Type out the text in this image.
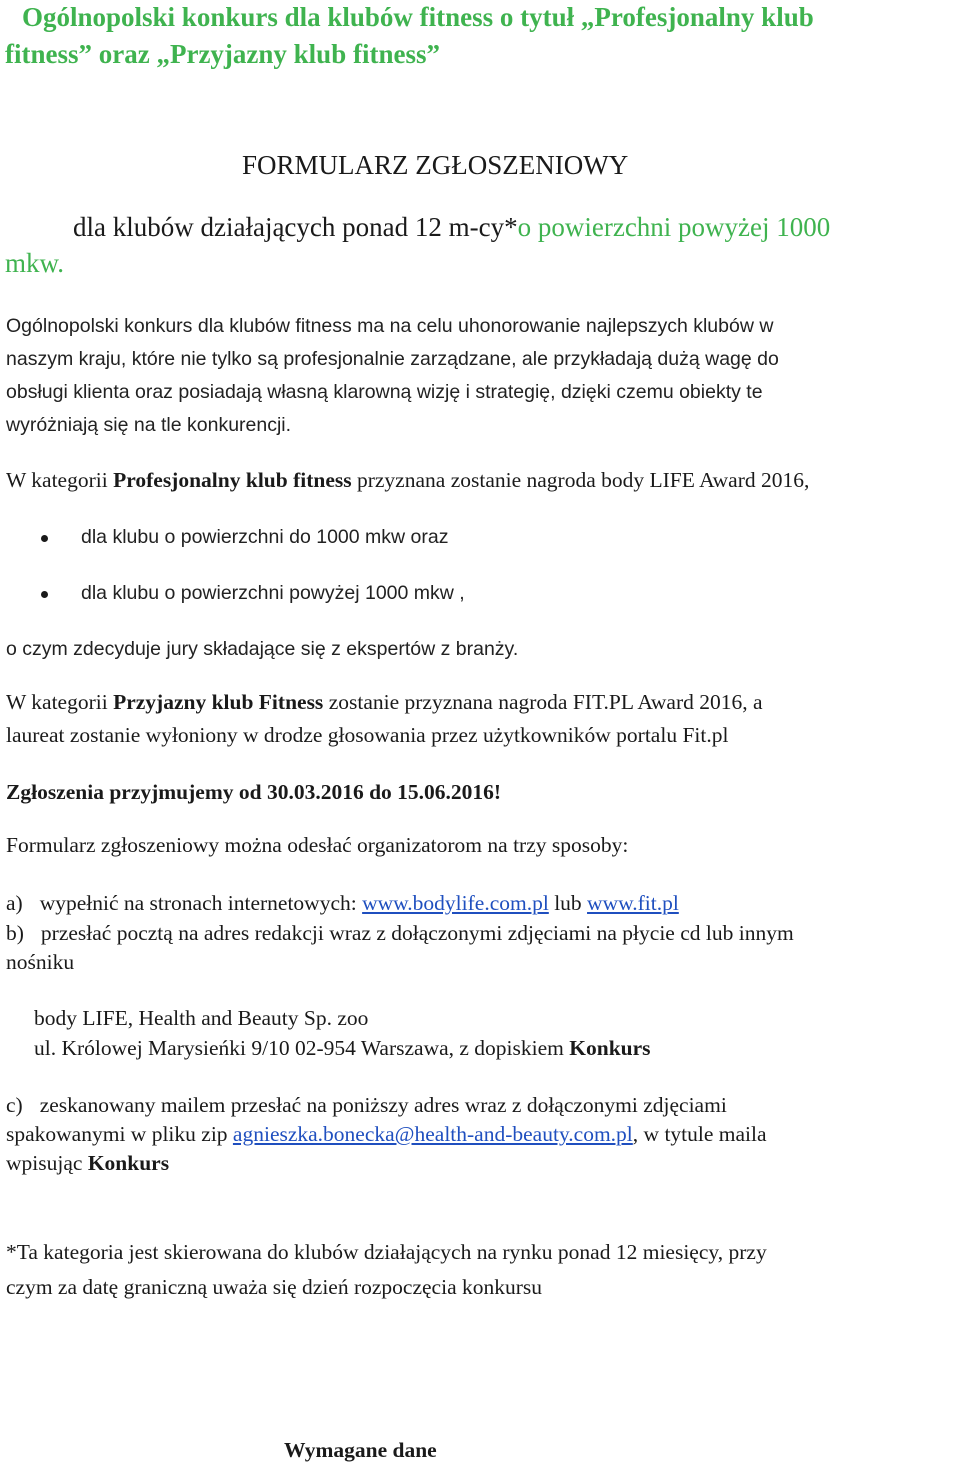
Ogólnopolski konkurs dla klubów fitness o tytuł „Profesjonalny klub
fitness” oraz „Przyjazny klub fitness”
FORMULARZ ZGŁOSZENIOWY
dla klubów działających ponad 12 m-cy*o powierzchni powyżej 1000
mkw.
Ogólnopolski konkurs dla klubów fitness ma na celu uhonorowanie najlepszych klubów w
naszym kraju, które nie tylko są profesjonalnie zarządzane, ale przykładają dużą wagę do
obsługi klienta oraz posiadają własną klarowną wizję i strategię, dzięki czemu obiekty te
wyróżniają się na tle konkurencji.
W kategorii Profesjonalny klub fitness przyznana zostanie nagroda body LIFE Award 2016,
dla klubu o powierzchni do 1000 mkw oraz
dla klubu o powierzchni powyżej 1000 mkw ,
o czym zdecyduje jury składające się z ekspertów z branży.
W kategorii Przyjazny klub Fitness zostanie przyznana nagroda FIT.PL Award 2016, a
laureat zostanie wyłoniony w drodze głosowania przez użytkowników portalu Fit.pl
Zgłoszenia przyjmujemy od 30.03.2016 do 15.06.2016!
Formularz zgłoszeniowy można odesłać organizatorom na trzy sposoby:
a) wypełnić na stronach internetowych: www.bodylife.com.pl lub www.fit.pl
b) przesłać pocztą na adres redakcji wraz z dołączonymi zdjęciami na płycie cd lub innym
nośniku
body LIFE, Health and Beauty Sp. zoo
ul. Królowej Marysieńki 9/10 02-954 Warszawa, z dopiskiem Konkurs
c) zeskanowany mailem przesłać na poniższy adres wraz z dołączonymi zdjęciami
spakowanymi w pliku zip agnieszka.bonecka@health-and-beauty.com.pl, w tytule maila
wpisując Konkurs
*Ta kategoria jest skierowana do klubów działających na rynku ponad 12 miesięcy, przy
czym za datę graniczną uważa się dzień rozpoczęcia konkursu
Wymagane dane
